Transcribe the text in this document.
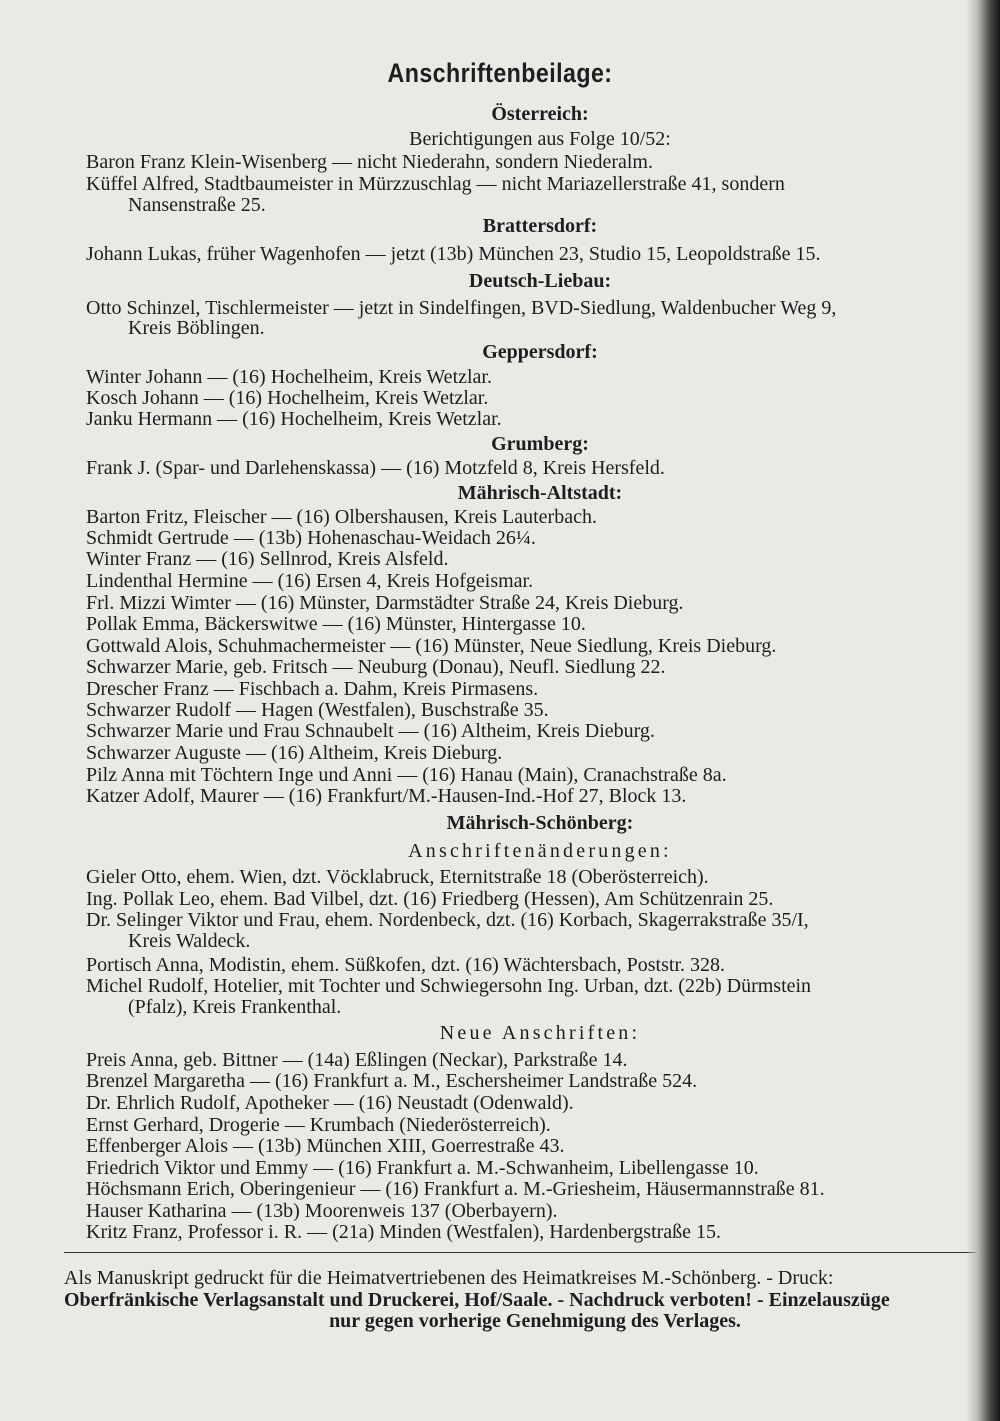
Anschriftenbeilage:
Österreich:
Berichtigungen aus Folge 10/52:
Baron Franz Klein-Wisenberg — nicht Niederahn, sondern Niederalm.
Küffel Alfred, Stadtbaumeister in Mürzzuschlag — nicht Mariazellerstraße 41, sondern
Nansenstraße 25.
Brattersdorf:
Johann Lukas, früher Wagenhofen — jetzt (13b) München 23, Studio 15, Leopoldstraße 15.
Deutsch-Liebau:
Otto Schinzel, Tischlermeister — jetzt in Sindelfingen, BVD-Siedlung, Waldenbucher Weg 9,
Kreis Böblingen.
Geppersdorf:
Winter Johann — (16) Hochelheim, Kreis Wetzlar.
Kosch Johann — (16) Hochelheim, Kreis Wetzlar.
Janku Hermann — (16) Hochelheim, Kreis Wetzlar.
Grumberg:
Frank J. (Spar- und Darlehenskassa) — (16) Motzfeld 8, Kreis Hersfeld.
Mährisch-Altstadt:
Barton Fritz, Fleischer — (16) Olbershausen, Kreis Lauterbach.
Schmidt Gertrude — (13b) Hohenaschau-Weidach 26¼.
Winter Franz — (16) Sellnrod, Kreis Alsfeld.
Lindenthal Hermine — (16) Ersen 4, Kreis Hofgeismar.
Frl. Mizzi Wimter — (16) Münster, Darmstädter Straße 24, Kreis Dieburg.
Pollak Emma, Bäckerswitwe — (16) Münster, Hintergasse 10.
Gottwald Alois, Schuhmachermeister — (16) Münster, Neue Siedlung, Kreis Dieburg.
Schwarzer Marie, geb. Fritsch — Neuburg (Donau), Neufl. Siedlung 22.
Drescher Franz — Fischbach a. Dahm, Kreis Pirmasens.
Schwarzer Rudolf — Hagen (Westfalen), Buschstraße 35.
Schwarzer Marie und Frau Schnaubelt — (16) Altheim, Kreis Dieburg.
Schwarzer Auguste — (16) Altheim, Kreis Dieburg.
Pilz Anna mit Töchtern Inge und Anni — (16) Hanau (Main), Cranachstraße 8a.
Katzer Adolf, Maurer — (16) Frankfurt/M.-Hausen-Ind.-Hof 27, Block 13.
Mährisch-Schönberg:
Anschriftenänderungen:
Gieler Otto, ehem. Wien, dzt. Vöcklabruck, Eternitstraße 18 (Oberösterreich).
Ing. Pollak Leo, ehem. Bad Vilbel, dzt. (16) Friedberg (Hessen), Am Schützenrain 25.
Dr. Selinger Viktor und Frau, ehem. Nordenbeck, dzt. (16) Korbach, Skagerrakstraße 35/I,
Kreis Waldeck.
Portisch Anna, Modistin, ehem. Süßkofen, dzt. (16) Wächtersbach, Poststr. 328.
Michel Rudolf, Hotelier, mit Tochter und Schwiegersohn Ing. Urban, dzt. (22b) Dürmstein
(Pfalz), Kreis Frankenthal.
Neue Anschriften:
Preis Anna, geb. Bittner — (14a) Eßlingen (Neckar), Parkstraße 14.
Brenzel Margaretha — (16) Frankfurt a. M., Eschersheimer Landstraße 524.
Dr. Ehrlich Rudolf, Apotheker — (16) Neustadt (Odenwald).
Ernst Gerhard, Drogerie — Krumbach (Niederösterreich).
Effenberger Alois — (13b) München XIII, Goerrestraße 43.
Friedrich Viktor und Emmy — (16) Frankfurt a. M.-Schwanheim, Libellengasse 10.
Höchsmann Erich, Oberingenieur — (16) Frankfurt a. M.-Griesheim, Häusermannstraße 81.
Hauser Katharina — (13b) Moorenweis 137 (Oberbayern).
Kritz Franz, Professor i. R. — (21a) Minden (Westfalen), Hardenbergstraße 15.
Als Manuskript gedruckt für die Heimatvertriebenen des Heimatkreises M.-Schönberg. - Druck:
Oberfränkische Verlagsanstalt und Druckerei, Hof/Saale. - Nachdruck verboten! - Einzelauszüge
nur gegen vorherige Genehmigung des Verlages.
